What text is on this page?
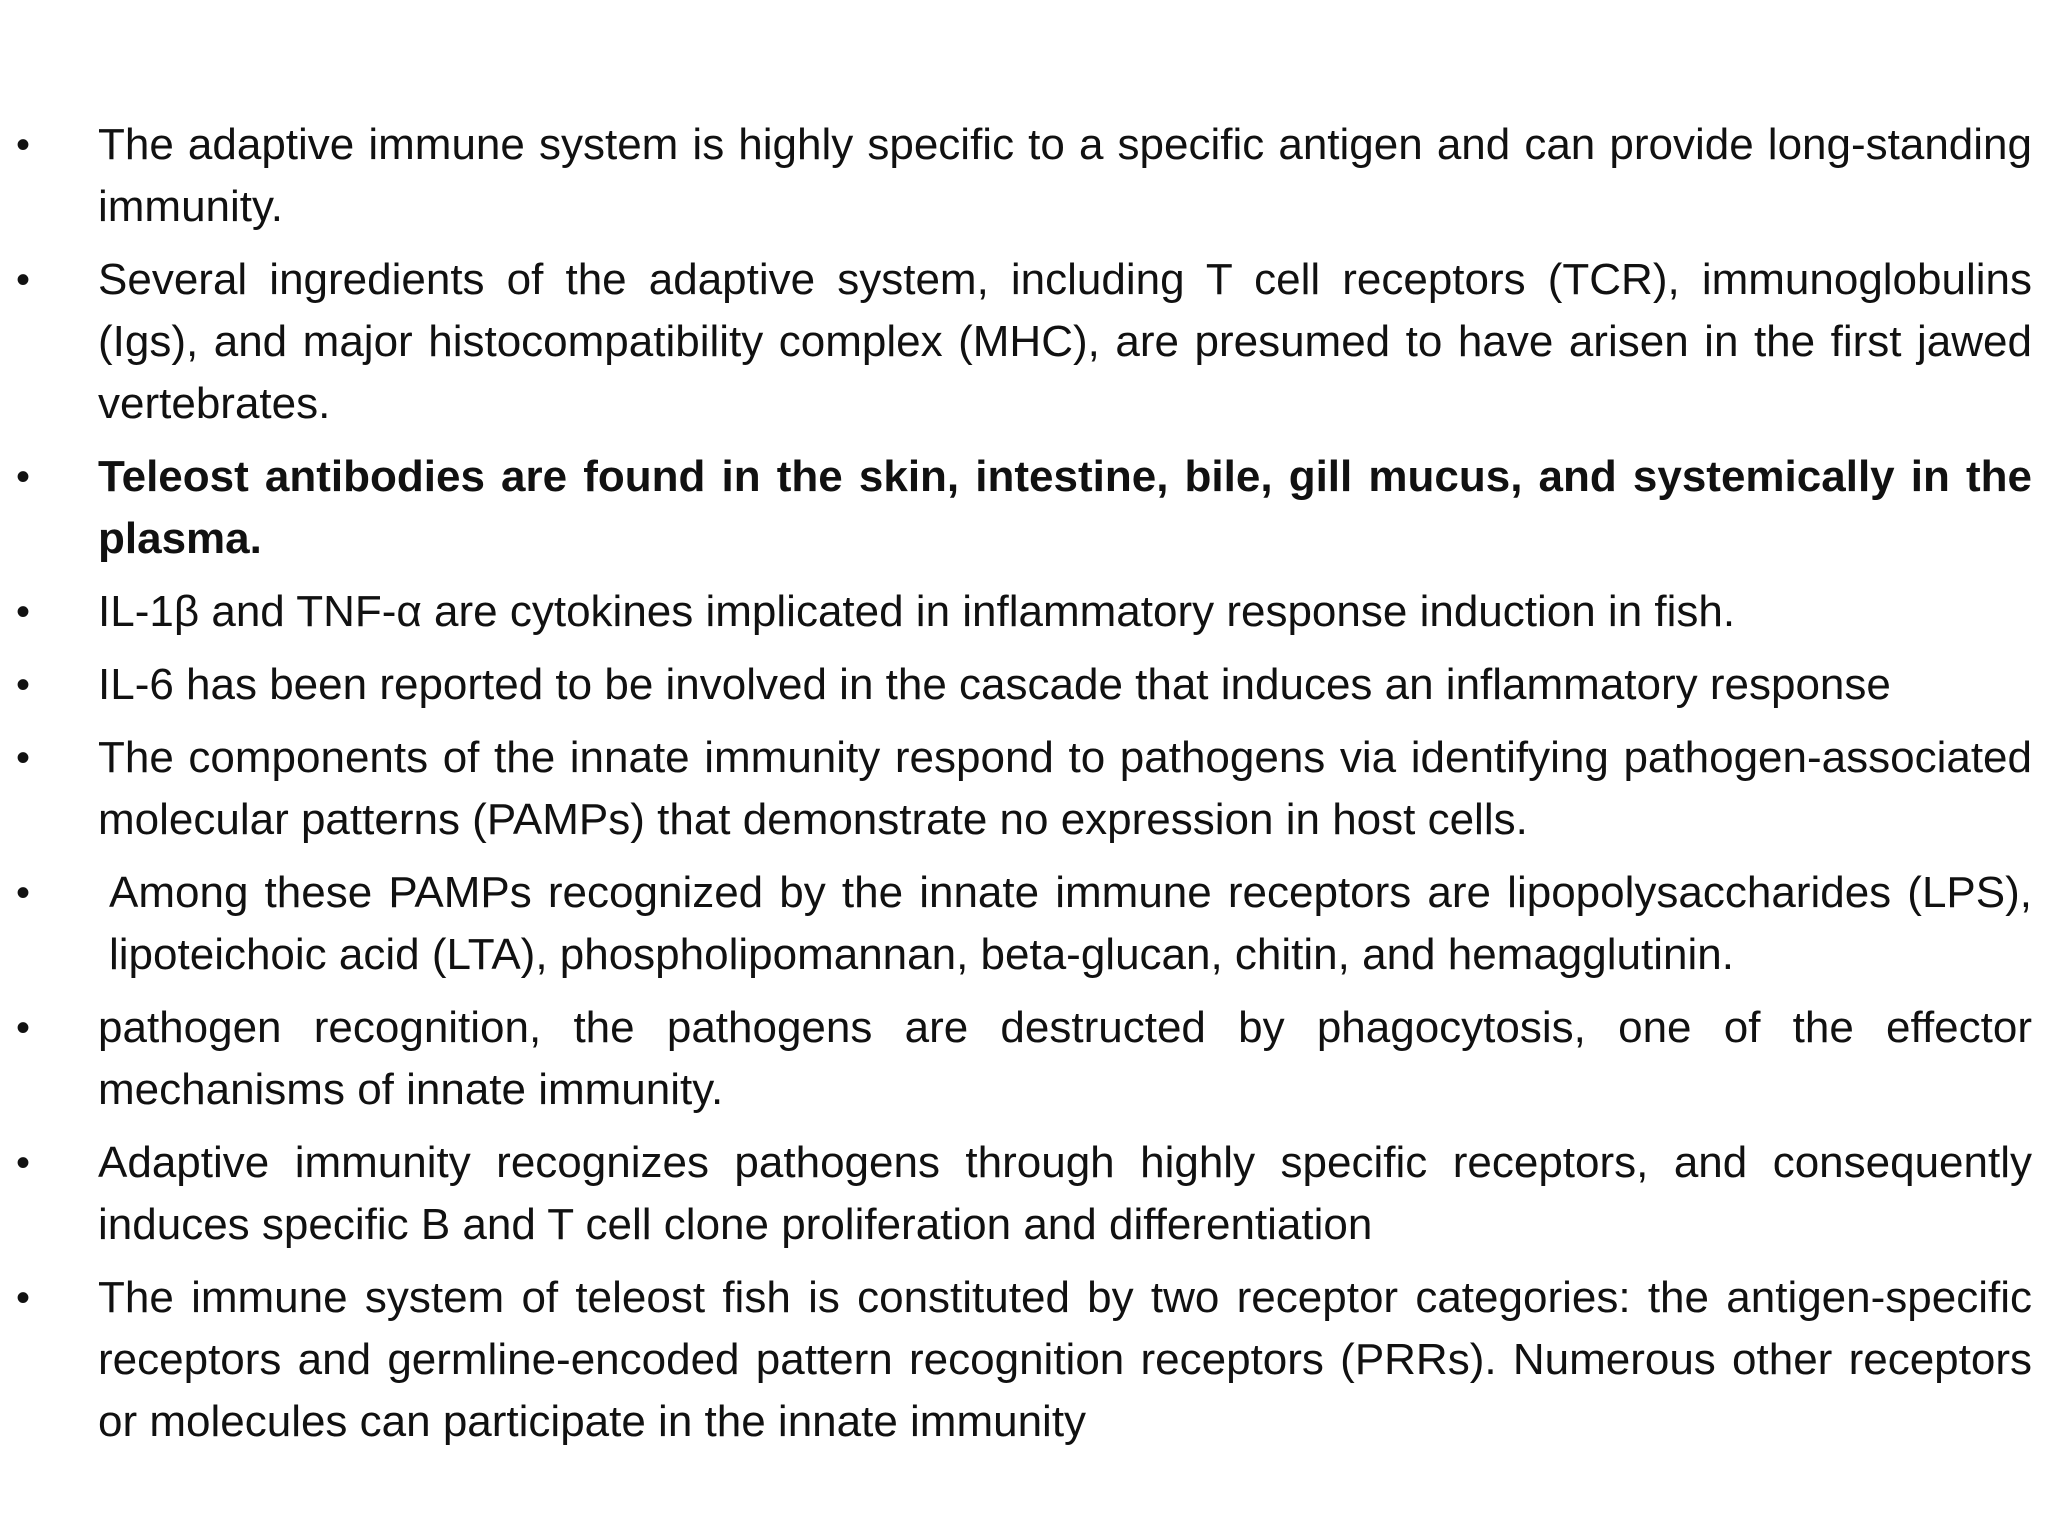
•	The adaptive immune system is highly specific to a specific antigen and can provide long-standing immunity.
•	Several ingredients of the adaptive system, including T cell receptors (TCR), immunoglobulins (Igs), and major histocompatibility complex (MHC), are presumed to have arisen in the first jawed vertebrates.
•	Teleost antibodies are found in the skin, intestine, bile, gill mucus, and systemically in the plasma.
•	IL-1β and TNF-α are cytokines implicated in inflammatory response induction in fish.
•	IL-6 has been reported to be involved in the cascade that induces an inflammatory response
•	The components of the innate immunity respond to pathogens via identifying pathogen-associated molecular patterns (PAMPs) that demonstrate no expression in host cells.
•	Among these PAMPs recognized by the innate immune receptors are lipopolysaccharides (LPS), lipoteichoic acid (LTA), phospholipomannan, beta-glucan, chitin, and hemagglutinin.
•	pathogen recognition, the pathogens are destructed by phagocytosis, one of the effector mechanisms of innate immunity.
•	Adaptive immunity recognizes pathogens through highly specific receptors, and consequently induces specific B and T cell clone proliferation and differentiation
•	The immune system of teleost fish is constituted by two receptor categories: the antigen-specific receptors and germline-encoded pattern recognition receptors (PRRs). Numerous other receptors or molecules can participate in the innate immunity
